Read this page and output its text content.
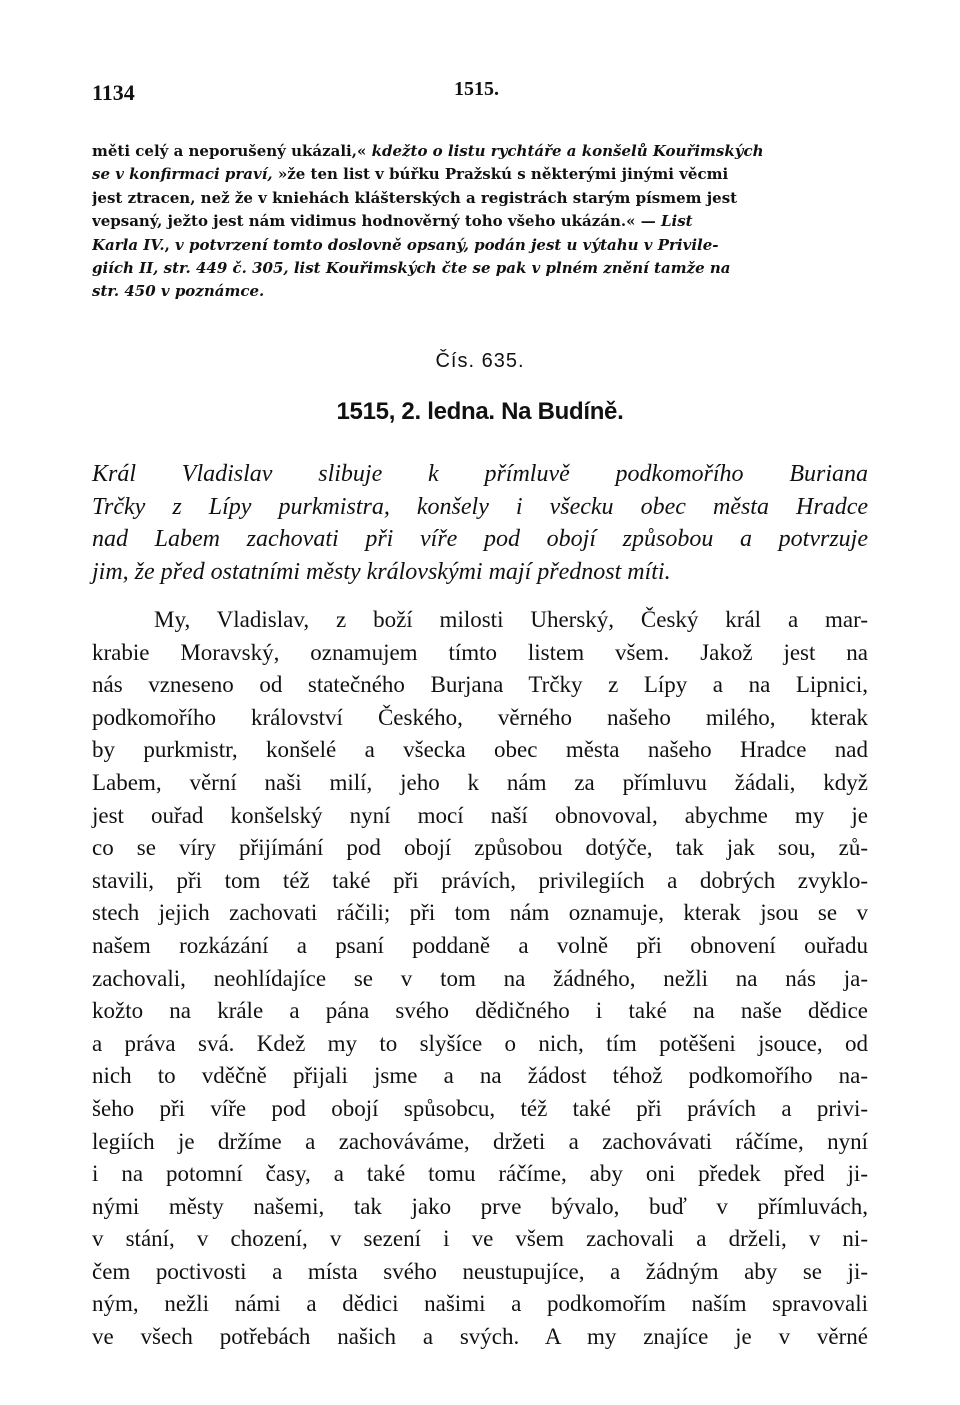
1134	1515.
měti celý a neporušený ukázali,« kdežto o listu rychtáře a konšelů Kouřimských
se v konfirmaci praví, »že ten list v búřku Pražskú s některými jinými věcmi
jest ztracen, než že v kniehách klášterských a registrách starým písmem jest
vepsaný, ježto jest nám vidimus hodnověrný toho všeho ukázán.« — List
Karla IV., v potvrzení tomto doslovně opsaný, podán jest u výtahu v Privile-
giích II, str. 449 č. 305, list Kouřimských čte se pak v plném znění tamže na
str. 450 v poznámce.
Čís. 635.
1515, 2. ledna. Na Budíně.
Král Vladislav slibuje k přímluvě podkomořího Buriana
Trčky z Lípy purkmistra, konšely i všecku obec města Hradce
nad Labem zachovati při víře pod obojí způsobou a potvrzuje
jim, že před ostatními městy královskými mají přednost míti.
My, Vladislav, z boží milosti Uherský, Český král a mar-
krabie Moravský, oznamujem tímto listem všem. Jakož jest na
nás vzneseno od statečného Burjana Trčky z Lípy a na Lipnici,
podkomořího království Českého, věrného našeho milého, kterak
by purkmistr, konšelé a všecka obec města našeho Hradce nad
Labem, věrní naši milí, jeho k nám za přímluvu žádali, když
jest ouřad konšelský nyní mocí naší obnovoval, abychme my je
co se víry přijímání pod obojí způsobou dotýče, tak jak sou, zů-
stavili, při tom též také při právích, privilegiích a dobrých zvyklo-
stech jejich zachovati ráčili; při tom nám oznamuje, kterak jsou se v
našem rozkázání a psaní poddaně a volně při obnovení ouřadu
zachovali, neohlídajíce se v tom na žádného, nežli na nás ja-
kožto na krále a pána svého dědičného i také na naše dědice
a práva svá. Kdež my to slyšíce o nich, tím potěšeni jsouce, od
nich to vděčně přijali jsme a na žádost téhož podkomořího na-
šeho při víře pod obojí spůsobcu, též také při právích a privi-
legiích je držíme a zachováváme, držeti a zachovávati ráčíme, nyní
i na potomní časy, a také tomu ráčíme, aby oni předek před ji-
nými městy našemi, tak jako prve bývalo, buď v přímluvách,
v stání, v chození, v sezení i ve všem zachovali a drželi, v ni-
čem poctivosti a místa svého neustupujíce, a žádným aby se ji-
ným, nežli námi a dědici našimi a podkomořím naším spravovali
ve všech potřebách našich a svých. A my znajíce je v věrné
